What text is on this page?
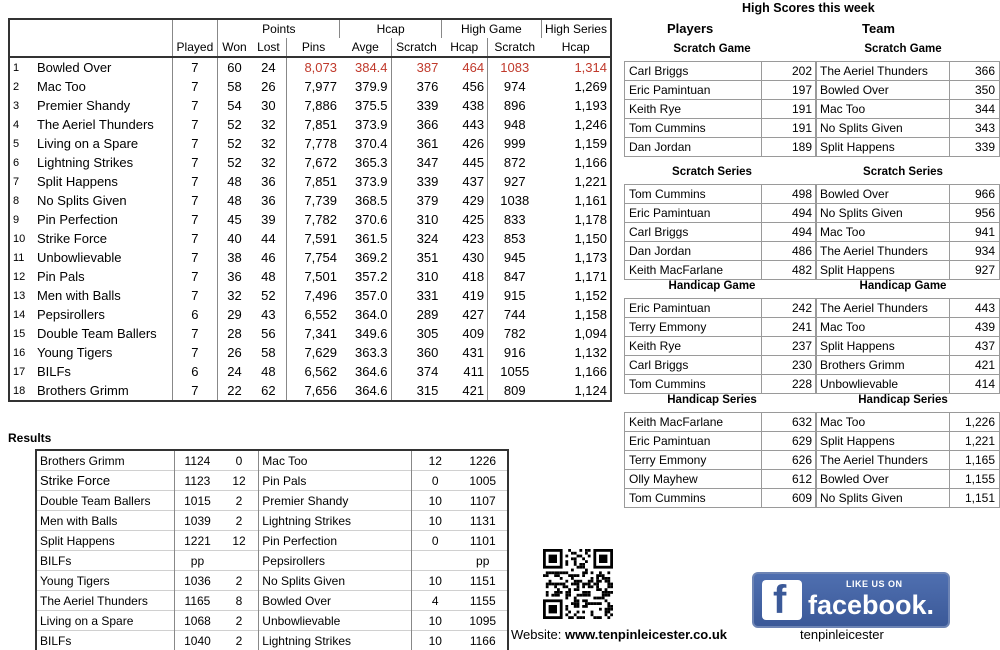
			Points			Hcap		High Game		High Series
		Played	Won	Lost	Pins	Avge	Scratch	Hcap	Scratch	Hcap
1	Bowled Over	7	60	24	8,073	384.4	387	464	1083	1,314
2	Mac Too	7	58	26	7,977	379.9	376	456	974	1,269
3	Premier Shandy	7	54	30	7,886	375.5	339	438	896	1,193
4	The Aeriel Thunders	7	52	32	7,851	373.9	366	443	948	1,246
5	Living on a Spare	7	52	32	7,778	370.4	361	426	999	1,159
6	Lightning Strikes	7	52	32	7,672	365.3	347	445	872	1,166
7	Split Happens	7	48	36	7,851	373.9	339	437	927	1,221
8	No Splits Given	7	48	36	7,739	368.5	379	429	1038	1,161
9	Pin Perfection	7	45	39	7,782	370.6	310	425	833	1,178
10	Strike Force	7	40	44	7,591	361.5	324	423	853	1,150
11	Unbowlievable	7	38	46	7,754	369.2	351	430	945	1,173
12	Pin Pals	7	36	48	7,501	357.2	310	418	847	1,171
13	Men with Balls	7	32	52	7,496	357.0	331	419	915	1,152
14	Pepsirollers	6	29	43	6,552	364.0	289	427	744	1,158
15	Double Team Ballers	7	28	56	7,341	349.6	305	409	782	1,094
16	Young Tigers	7	26	58	7,629	363.3	360	431	916	1,132
17	BILFs	6	24	48	6,562	364.6	374	411	1055	1,166
18	Brothers Grimm	7	22	62	7,656	364.6	315	421	809	1,124
Results
Brothers Grimm	1124	0	Mac Too	12	1226
Strike Force	1123	12	Pin Pals	0	1005
Double Team Ballers	1015	2	Premier Shandy	10	1107
Men with Balls	1039	2	Lightning Strikes	10	1131
Split Happens	1221	12	Pin Perfection	0	1101
BILFs	pp		Pepsirollers		pp
Young Tigers	1036	2	No Splits Given	10	1151
The Aeriel Thunders	1165	8	Bowled Over	4	1155
Living on a Spare	1068	2	Unbowlievable	10	1095
BILFs	1040	2	Lightning Strikes	10	1166
High Scores this week
Players	Team
Scratch Game
Carl Briggs	202
Eric Pamintuan	197
Keith Rye	191
Tom Cummins	191
Dan Jordan	189
Scratch Series
Tom Cummins	498
Eric Pamintuan	494
Carl Briggs	494
Dan Jordan	486
Keith MacFarlane	482
Handicap Game
Eric Pamintuan	242
Terry Emmony	241
Keith Rye	237
Carl Briggs	230
Tom Cummins	228
Handicap Series
Keith MacFarlane	632
Eric Pamintuan	629
Terry Emmony	626
Olly Mayhew	612
Tom Cummins	609
Scratch Game
The Aeriel Thunders	366
Bowled Over	350
Mac Too	344
No Splits Given	343
Split Happens	339
Scratch Series
Bowled Over	966
No Splits Given	956
Mac Too	941
The Aeriel Thunders	934
Split Happens	927
Handicap Game
The Aeriel Thunders	443
Mac Too	439
Split Happens	437
Brothers Grimm	421
Unbowlievable	414
Handicap Series
Mac Too	1,226
Split Happens	1,221
The Aeriel Thunders	1,165
Bowled Over	1,155
No Splits Given	1,151
Website: www.tenpinleicester.co.uk
f	LIKE US ON
facebook.
tenpinleicester
